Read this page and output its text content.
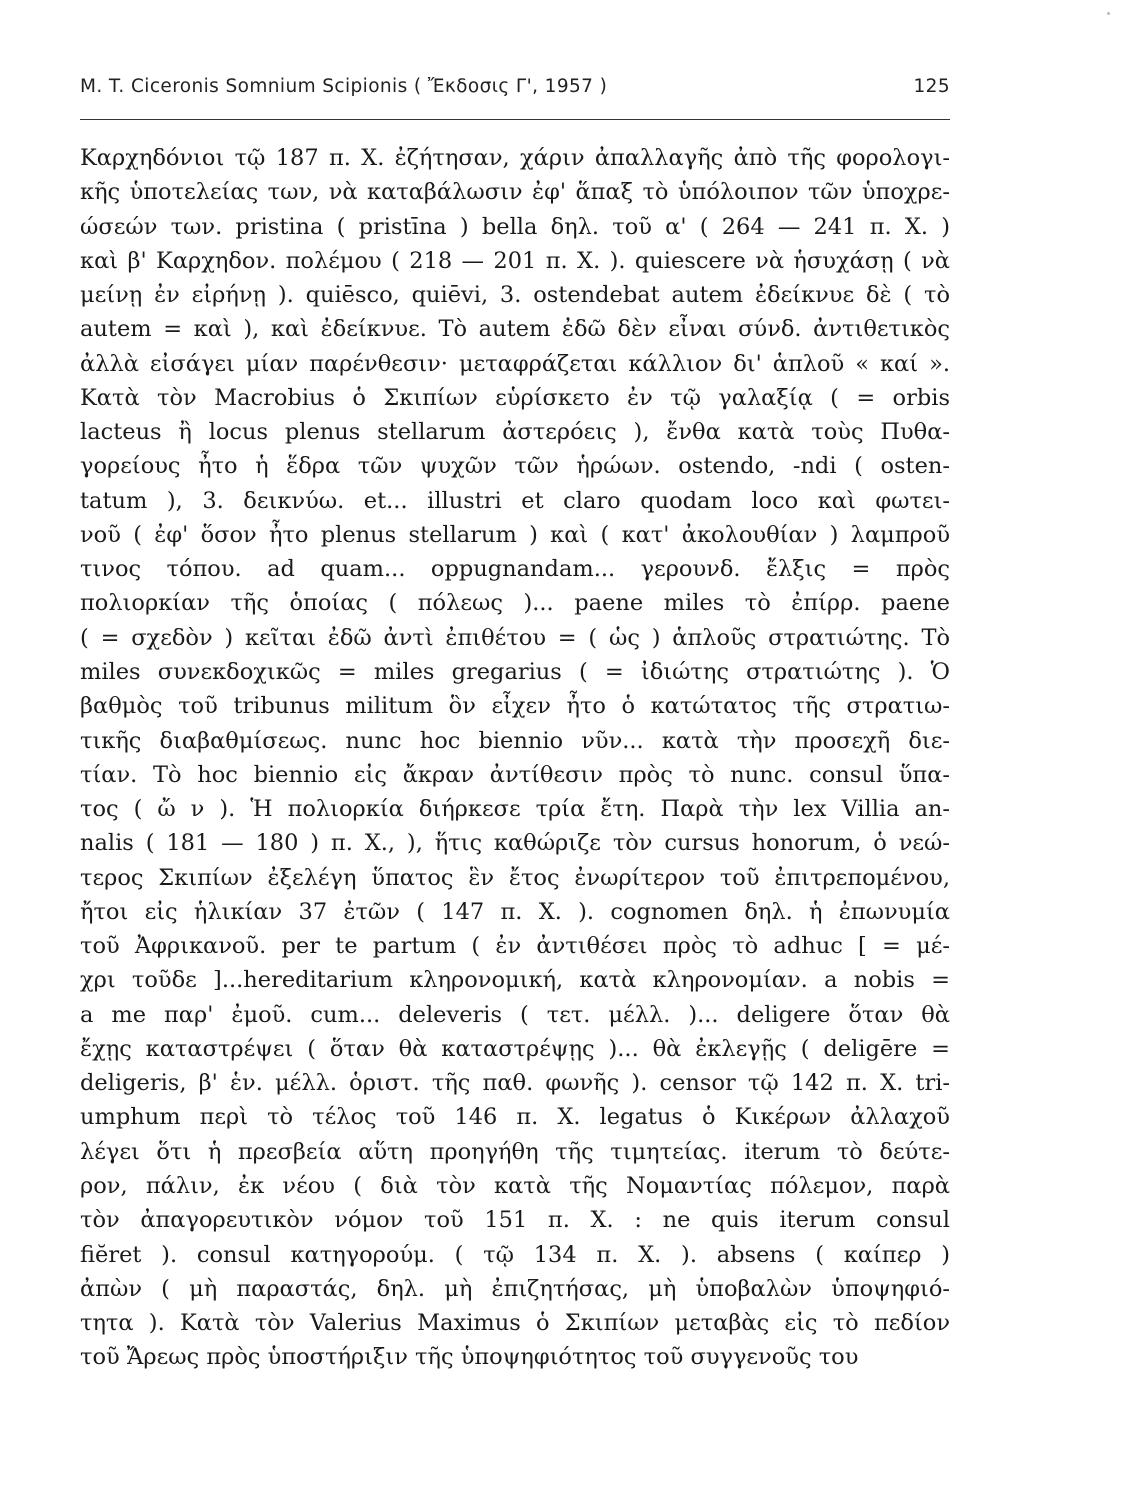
M. T. Ciceronis Somnium Scipionis ( Ἔκδοσις Γ', 1957 )	125
Καρχηδόνιοι τῷ 187 π. Χ. ἐζήτησαν, χάριν ἀπαλλαγῆς ἀπὸ τῆς φορολογι-
κῆς ὑποτελείας των, νὰ καταβάλωσιν ἐφ' ἅπαξ τὸ ὑπόλοιπον τῶν ὑποχρε-
ώσεών των. pristina ( pristīna ) bella δηλ. τοῦ α' ( 264 — 241 π. Χ. )
καὶ β' Καρχηδον. πολέμου ( 218 — 201 π. Χ. ). quiescere νὰ ἡσυχάσῃ ( νὰ
μείνῃ ἐν εἰρήνῃ ). quiēsco, quiēvi, 3. ostendebat autem ἐδείκνυε δὲ ( τὸ
autem = καὶ ), καὶ ἐδείκνυε. Τὸ autem ἐδῶ δὲν εἶναι σύνδ. ἀντιθετικὸς
ἀλλὰ εἰσάγει μίαν παρένθεσιν· μεταφράζεται κάλλιον δι' ἁπλοῦ « καί ».
Κατὰ τὸν Macrobius ὁ Σκιπίων εὑρίσκετο ἐν τῷ γαλαξίᾳ ( = orbis
lacteus ἢ locus plenus stellarum ἀστερόεις ), ἔνθα κατὰ τοὺς Πυθα-
γορείους ἦτο ἡ ἕδρα τῶν ψυχῶν τῶν ἡρώων. ostendo, -ndi ( osten-
tatum ), 3. δεικνύω. et... illustri et claro quodam loco καὶ φωτει-
νοῦ ( ἐφ' ὅσον ἦτο plenus stellarum ) καὶ ( κατ' ἀκολουθίαν ) λαμπροῦ
τινος τόπου. ad quam... oppugnandam... γερουνδ. ἔλξις = πρὸς
πολιορκίαν τῆς ὁποίας ( πόλεως )... paene miles τὸ ἐπίρρ. paene
( = σχεδὸν ) κεῖται ἐδῶ ἀντὶ ἐπιθέτου = ( ὡς ) ἁπλοῦς στρατιώτης. Τὸ
miles συνεκδοχικῶς = miles gregarius ( = ἰδιώτης στρατιώτης ). Ὁ
βαθμὸς τοῦ tribunus militum ὃν εἶχεν ἦτο ὁ κατώτατος τῆς στρατιω-
τικῆς διαβαθμίσεως. nunc hoc biennio νῦν... κατὰ τὴν προσεχῆ διε-
τίαν. Τὸ hoc biennio εἰς ἄκραν ἀντίθεσιν πρὸς τὸ nunc. consul ὕπα-
τος ( ὤ ν ). Ἡ πολιορκία διήρκεσε τρία ἔτη. Παρὰ τὴν lex Villia an-
nalis ( 181 — 180 ) π. Χ., ), ἥτις καθώριζε τὸν cursus honorum, ὁ νεώ-
τερος Σκιπίων ἐξελέγη ὕπατος ἓν ἔτος ἐνωρίτερον τοῦ ἐπιτρεπομένου,
ἤτοι εἰς ἡλικίαν 37 ἐτῶν ( 147 π. Χ. ). cognomen δηλ. ἡ ἐπωνυμία
τοῦ Ἀφρικανοῦ. per te partum ( ἐν ἀντιθέσει πρὸς τὸ adhuc [ = μέ-
χρι τοῦδε ]...hereditarium κληρονομική, κατὰ κληρονομίαν. a nobis =
a me παρ' ἐμοῦ. cum... deleveris ( τετ. μέλλ. )... deligere ὅταν θὰ
ἔχῃς καταστρέψει ( ὅταν θὰ καταστρέψῃς )... θὰ ἐκλεγῇς ( deligēre =
deligeris, β' ἑν. μέλλ. ὁριστ. τῆς παθ. φωνῆς ). censor τῷ 142 π. Χ. tri-
umphum περὶ τὸ τέλος τοῦ 146 π. Χ. legatus ὁ Κικέρων ἀλλαχοῦ
λέγει ὅτι ἡ πρεσβεία αὕτη προηγήθη τῆς τιμητείας. iterum τὸ δεύτε-
ρον, πάλιν, ἐκ νέου ( διὰ τὸν κατὰ τῆς Νομαντίας πόλεμον, παρὰ
τὸν ἀπαγορευτικὸν νόμον τοῦ 151 π. Χ. : ne quis iterum consul
fiĕret ). consul κατηγορούμ. ( τῷ 134 π. Χ. ). absens ( καίπερ )
ἀπὼν ( μὴ παραστάς, δηλ. μὴ ἐπιζητήσας, μὴ ὑποβαλὼν ὑποψηφιό-
τητα ). Κατὰ τὸν Valerius Maximus ὁ Σκιπίων μεταβὰς εἰς τὸ πεδίον
τοῦ Ἄρεως πρὸς ὑποστήριξιν τῆς ὑποψηφιότητος τοῦ συγγενοῦς του
